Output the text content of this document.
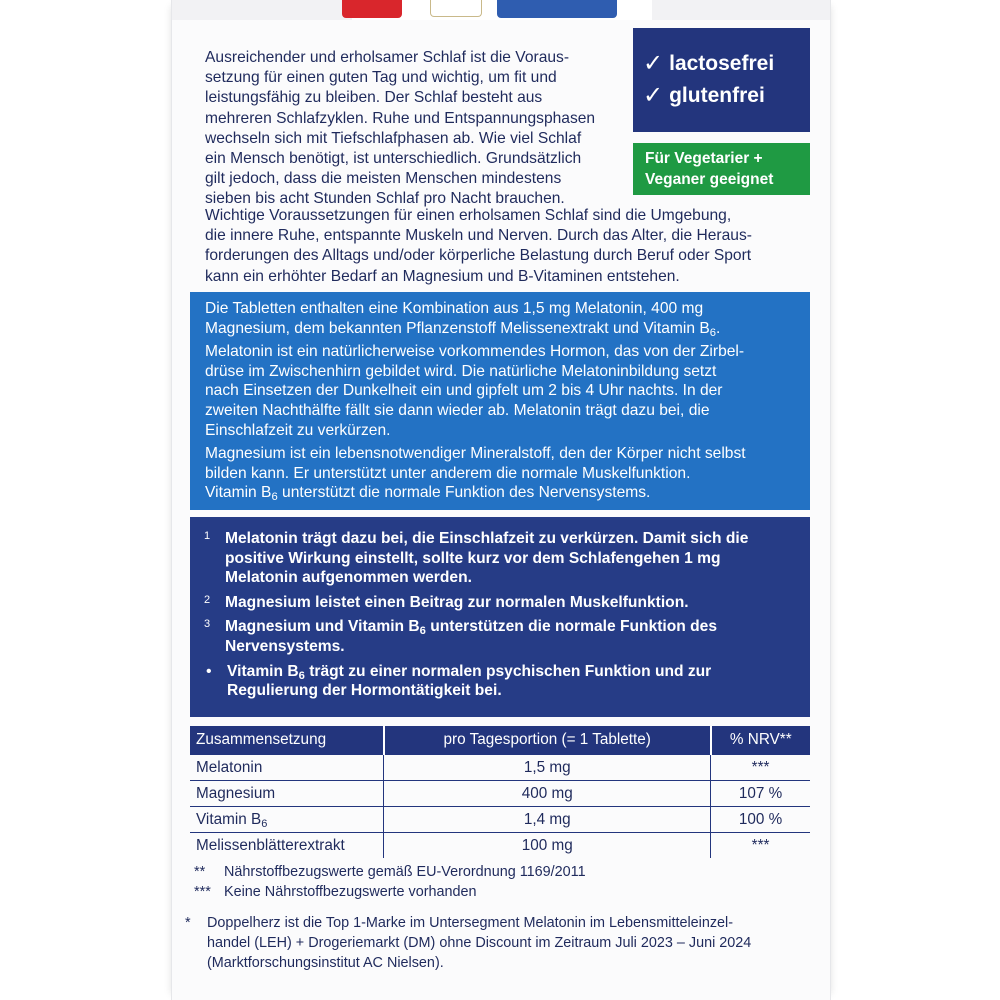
Ausreichender und erholsamer Schlaf ist die Voraus-
setzung für einen guten Tag und wichtig, um fit und
leistungsfähig zu bleiben. Der Schlaf besteht aus
mehreren Schlafzyklen. Ruhe und Entspannungsphasen
wechseln sich mit Tiefschlafphasen ab. Wie viel Schlaf
ein Mensch benötigt, ist unterschiedlich. Grundsätzlich
gilt jedoch, dass die meisten Menschen mindestens
sieben bis acht Stunden Schlaf pro Nacht brauchen.
Wichtige Voraussetzungen für einen erholsamen Schlaf sind die Umgebung,
die innere Ruhe, entspannte Muskeln und Nerven. Durch das Alter, die Heraus-
forderungen des Alltags und/oder körperliche Belastung durch Beruf oder Sport
kann ein erhöhter Bedarf an Magnesium und B-Vitaminen entstehen.
✓ lactosefrei
✓ glutenfrei
Für Vegetarier +
Veganer geeignet

Die Tabletten enthalten eine Kombination aus 1,5 mg Melatonin, 400 mg
Magnesium, dem bekannten Pflanzenstoff Melissenextrakt und Vitamin $B_6$.

Melatonin ist ein natürlicherweise vorkommendes Hormon, das von der Zirbel-
drüse im Zwischenhirn gebildet wird. Die natürliche Melatoninbildung setzt
nach Einsetzen der Dunkelheit ein und gipfelt um 2 bis 4 Uhr nachts. In der
zweiten Nachthälfte fällt sie dann wieder ab. Melatonin trägt dazu bei, die
Einschlafzeit zu verkürzen.

Magnesium ist ein lebensnotwendiger Mineralstoff, den der Körper nicht selbst
bilden kann. Er unterstützt unter anderem die normale Muskelfunktion.
Vitamin $B_6$ unterstützt die normale Funktion des Nervensystems.

1 Melatonin trägt dazu bei, die Einschlafzeit zu verkürzen. Damit sich die
positive Wirkung einstellt, sollte kurz vor dem Schlafengehen 1 mg
Melatonin aufgenommen werden.
2 Magnesium leistet einen Beitrag zur normalen Muskelfunktion.
3 Magnesium und Vitamin $B_6$ unterstützen die normale Funktion des
Nervensystems.
• Vitamin $B_6$ trägt zu einer normalen psychischen Funktion und zur
Regulierung der Hormontätigkeit bei.
Zusammensetzung	pro Tagesportion (= 1 Tablette)	% NRV**
Melatonin	1,5 mg	***
Magnesium	400 mg	107 %
Vitamin $B_6$	1,4 mg	100 %
Melissenblätterextrakt	100 mg	***
**	Nährstoffbezugswerte gemäß EU-Verordnung 1169/2011
*** Keine Nährstoffbezugswerte vorhanden
*	Doppelherz ist die Top 1-Marke im Untersegment Melatonin im Lebensmitteleinzel-
handel (LEH) + Drogeriemarkt (DM) ohne Discount im Zeitraum Juli 2023 – Juni 2024
(Marktforschungsinstitut AC Nielsen).
